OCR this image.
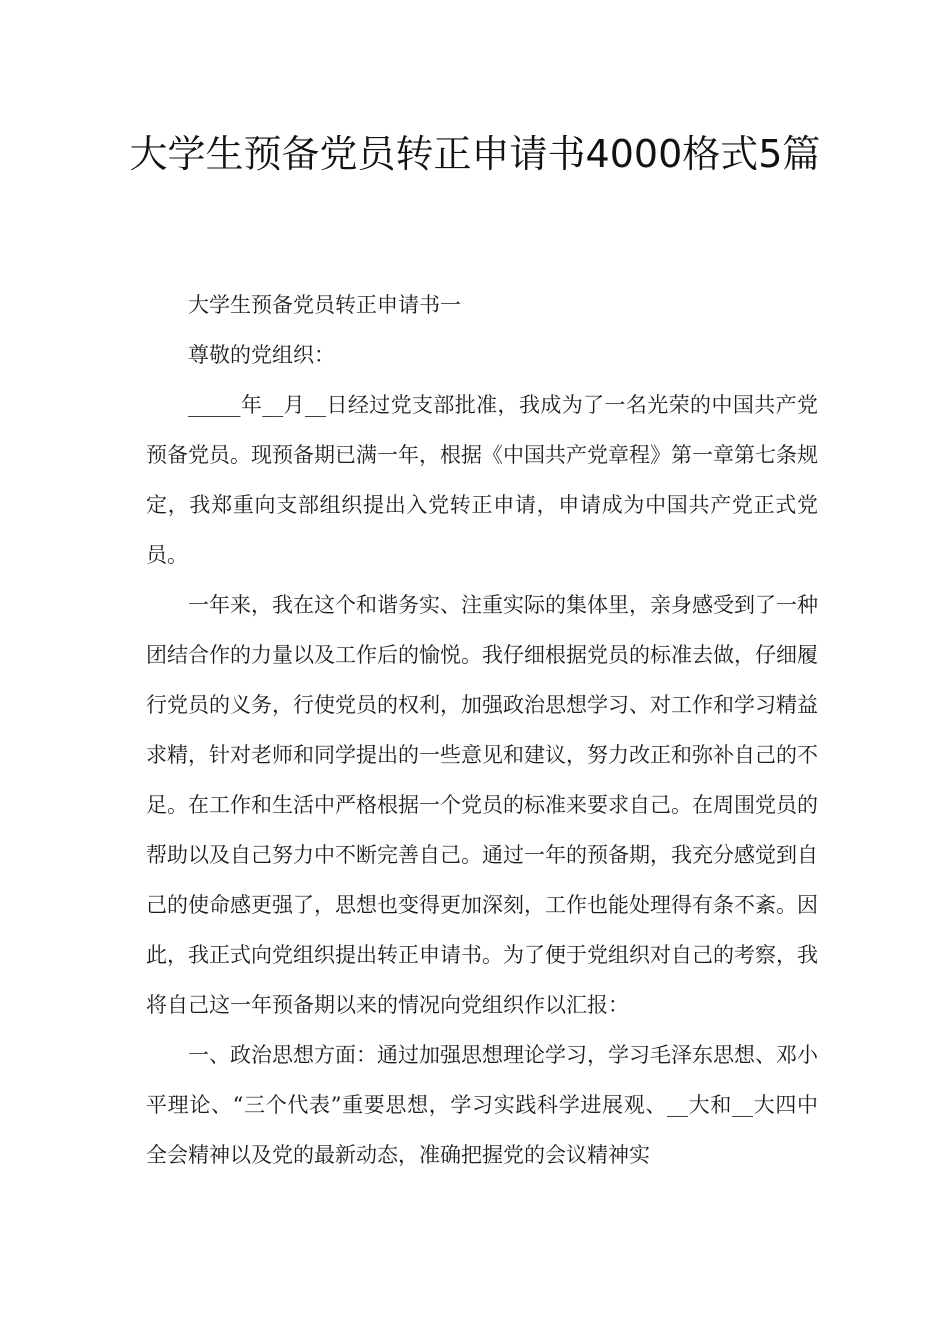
大学生预备党员转正申请书4000格式5篇

大学生预备党员转正申请书一

尊敬的党组织：

_____年__月__日经过党支部批准，我成为了一名光荣的中国共产党预备党员。现预备期已满一年，根据《中国共产党章程》第一章第七条规定，我郑重向支部组织提出入党转正申请，申请成为中国共产党正式党员。

一年来，我在这个和谐务实、注重实际的集体里，亲身感受到了一种团结合作的力量以及工作后的愉悦。我仔细根据党员的标准去做，仔细履行党员的义务，行使党员的权利，加强政治思想学习、对工作和学习精益求精，针对老师和同学提出的一些意见和建议，努力改正和弥补自己的不足。在工作和生活中严格根据一个党员的标准来要求自己。在周围党员的帮助以及自己努力中不断完善自己。通过一年的预备期，我充分感觉到自己的使命感更强了，思想也变得更加深刻，工作也能处理得有条不紊。因此，我正式向党组织提出转正申请书。为了便于党组织对自己的考察，我将自己这一年预备期以来的情况向党组织作以汇报：

一、政治思想方面：通过加强思想理论学习，学习毛泽东思想、邓小平理论、“三个代表”重要思想，学习实践科学进展观、__大和__大四中全会精神以及党的最新动态，准确把握党的会议精神实
